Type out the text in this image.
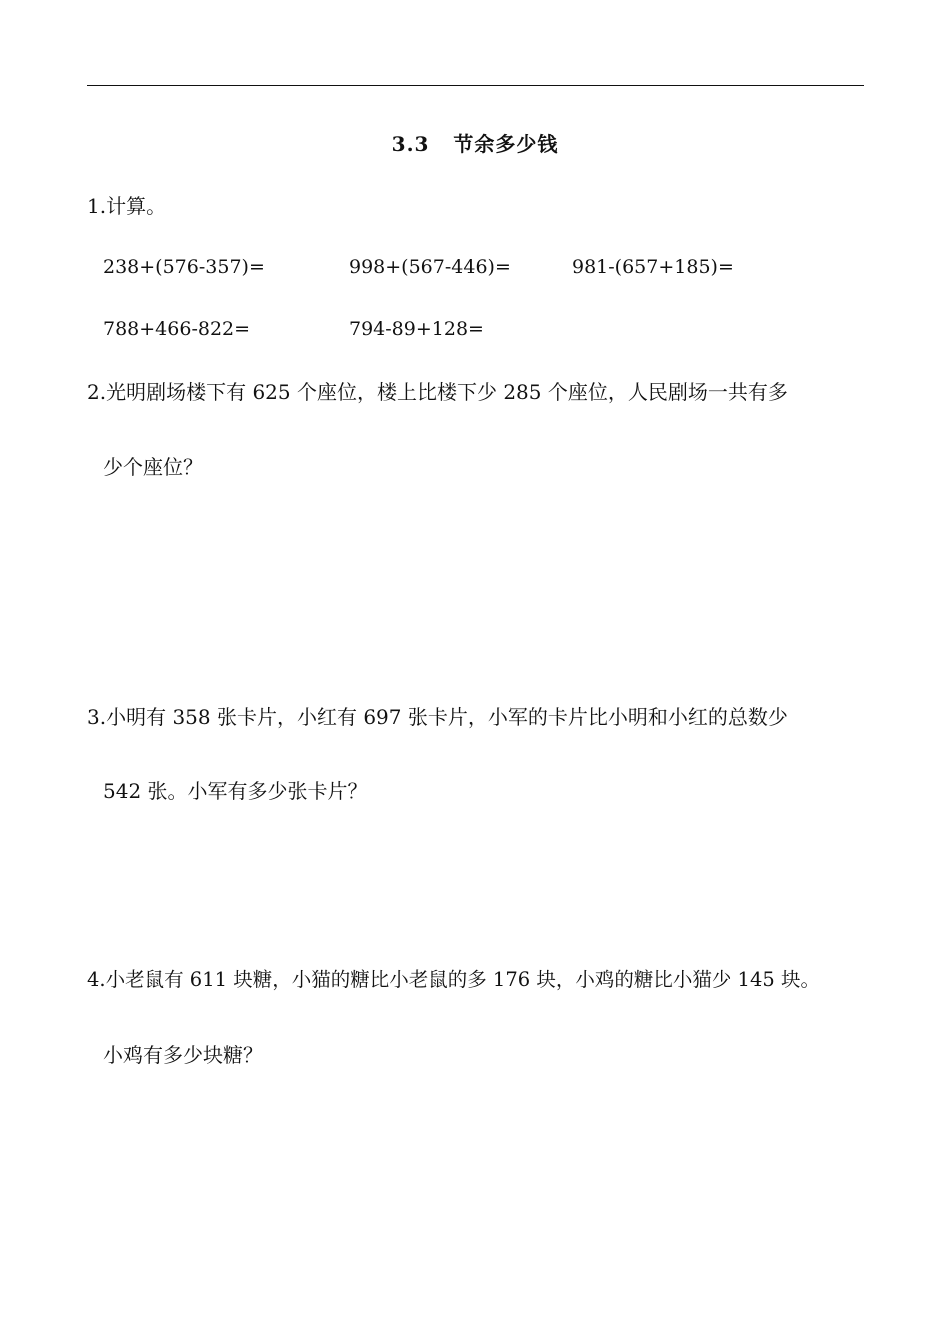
3.3   节余多少钱
1.计算。
238+(576-357)=	998+(567-446)=	981-(657+185)=
788+466-822=	794-89+128=
2.光明剧场楼下有 625 个座位，楼上比楼下少 285 个座位，人民剧场一共有多
少个座位？
3.小明有 358 张卡片，小红有 697 张卡片，小军的卡片比小明和小红的总数少
542 张。小军有多少张卡片？
4.小老鼠有 611 块糖，小猫的糖比小老鼠的多 176 块，小鸡的糖比小猫少 145 块。
小鸡有多少块糖？
